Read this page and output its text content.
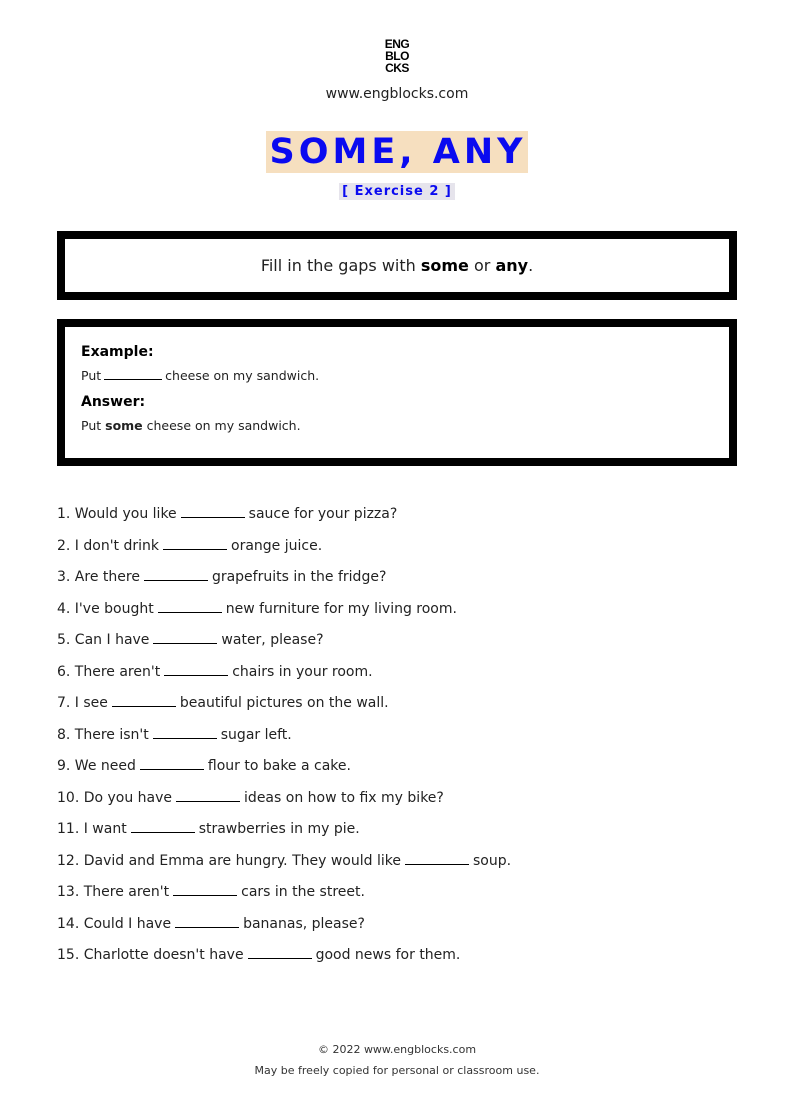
ENG
BLO
CKS
www.engblocks.com
SOME, ANY
[ Exercise 2 ]
Fill in the gaps with some or any.

Example:

Put	cheese on my sandwich.

Answer:

Put some cheese on my sandwich.

1. Would you like	sauce for your pizza?
2. I don't drink	orange juice.
3. Are there	grapefruits in the fridge?
4. I've bought	new furniture for my living room.
5. Can I have	water, please?
6. There aren't	chairs in your room.
7. I see	beautiful pictures on the wall.
8. There isn't	sugar left.
9. We need	flour to bake a cake.
10. Do you have	ideas on how to fix my bike?
11. I want	strawberries in my pie.
12. David and Emma are hungry. They would like	soup.
13. There aren't	cars in the street.
14. Could I have	bananas, please?
15. Charlotte doesn't have	good news for them.
© 2022 www.engblocks.com
May be freely copied for personal or classroom use.
